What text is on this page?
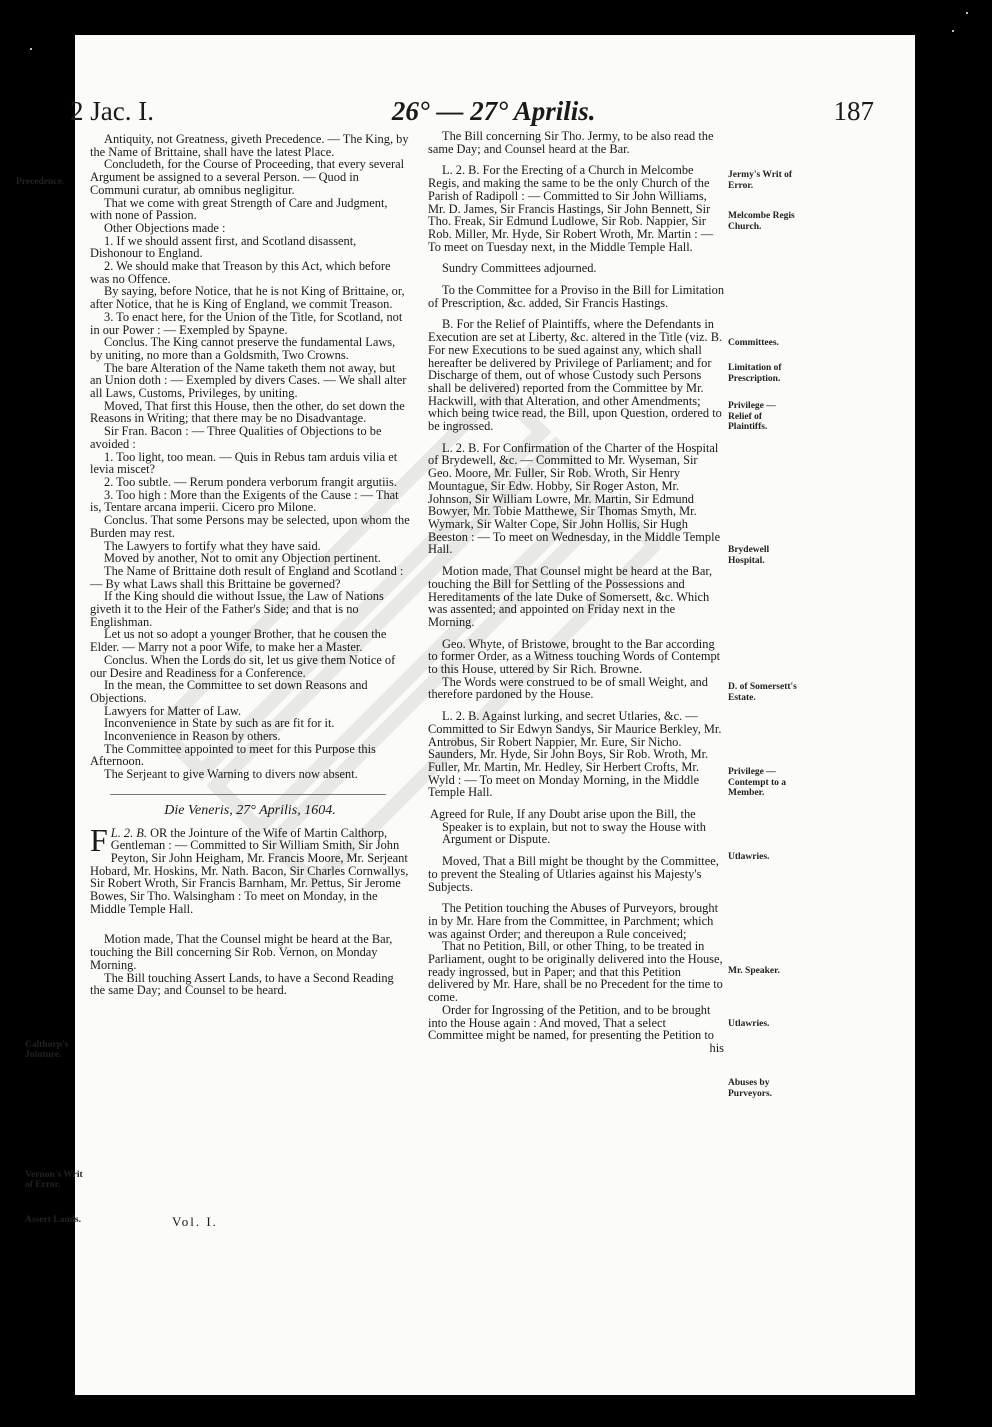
2 Jac. I.	26° — 27° Aprilis.	187
Precedence.
Calthorp's Jointure.
Vernon's Writ of Error.
Assert Lands.
Jermy's Writ of Error.
Melcombe Regis Church.
Committees.
Limitation of Prescription.
Privilege — Relief of Plaintiffs.
Brydewell Hospital.
D. of Somersett's Estate.
Privilege — Contempt to a Member.
Utlawries.
Mr. Speaker.
Utlawries.
Abuses by Purveyors.

Antiquity, not Greatness, giveth Precedence. — The King, by the Name of Brittaine, shall have the latest Place.

Concludeth, for the Course of Proceeding, that every several Argument be assigned to a several Person. — Quod in Communi curatur, ab omnibus negligitur.

That we come with great Strength of Care and Judgment, with none of Passion.

Other Objections made :

1. If we should assent first, and Scotland disassent, Dishonour to England.

2. We should make that Treason by this Act, which before was no Offence.

By saying, before Notice, that he is not King of Brittaine, or, after Notice, that he is King of England, we commit Treason.

3. To enact here, for the Union of the Title, for Scotland, not in our Power : — Exempled by Spayne.

Conclus. The King cannot preserve the fundamental Laws, by uniting, no more than a Goldsmith, Two Crowns.

The bare Alteration of the Name taketh them not away, but an Union doth : — Exempled by divers Cases. — We shall alter all Laws, Customs, Privileges, by uniting.

Moved, That first this House, then the other, do set down the Reasons in Writing; that there may be no Disadvantage.

Sir Fran. Bacon : — Three Qualities of Objections to be avoided :

1. Too light, too mean. — Quis in Rebus tam arduis vilia et levia miscet?

2. Too subtle. — Rerum pondera verborum frangit argutiis.

3. Too high : More than the Exigents of the Cause : — That is, Tentare arcana imperii. Cicero pro Milone.

Conclus. That some Persons may be selected, upon whom the Burden may rest.

The Lawyers to fortify what they have said.

Moved by another, Not to omit any Objection pertinent.

The Name of Brittaine doth result of England and Scotland : — By what Laws shall this Brittaine be governed?

If the King should die without Issue, the Law of Nations giveth it to the Heir of the Father's Side; and that is no Englishman.

Let us not so adopt a younger Brother, that he cousen the Elder. — Marry not a poor Wife, to make her a Master.

Conclus. When the Lords do sit, let us give them Notice of our Desire and Readiness for a Conference.

In the mean, the Committee to set down Reasons and Objections.

Lawyers for Matter of Law.

Inconvenience in State by such as are fit for it.

Inconvenience in Reason by others.

The Committee appointed to meet for this Purpose this Afternoon.

The Serjeant to give Warning to divers now absent.

Die Veneris, 27° Aprilis, 1604.

L. 2. B.
F	OR the Jointure of the Wife of Martin Calthorp, Gentleman : — Committed to Sir William Smith, Sir John Peyton, Sir John Heigham, Mr. Francis Moore, Mr. Serjeant Hobard, Mr. Hoskins, Mr. Nath. Bacon, Sir Charles Cornwallys, Sir Robert Wroth, Sir Francis Barnham, Mr. Pettus, Sir Jerome Bowes, Sir Tho. Walsingham : To meet on Monday, in the Middle Temple Hall.

Motion made, That the Counsel might be heard at the Bar, touching the Bill concerning Sir Rob. Vernon, on Monday Morning.

The Bill touching Assert Lands, to have a Second Reading the same Day; and Counsel to be heard.

The Bill concerning Sir Tho. Jermy, to be also read the same Day; and Counsel heard at the Bar.

L. 2. B. For the Erecting of a Church in Melcombe Regis, and making the same to be the only Church of the Parish of Radipoll : — Committed to Sir John Williams, Mr. D. James, Sir Francis Hastings, Sir John Bennett, Sir Tho. Freak, Sir Edmund Ludlowe, Sir Rob. Nappier, Sir Rob. Miller, Mr. Hyde, Sir Robert Wroth, Mr. Martin : — To meet on Tuesday next, in the Middle Temple Hall.

Sundry Committees adjourned.

To the Committee for a Proviso in the Bill for Limitation of Prescription, &c. added, Sir Francis Hastings.

B. For the Relief of Plaintiffs, where the Defendants in Execution are set at Liberty, &c. altered in the Title (viz. B. For new Executions to be sued against any, which shall hereafter be delivered by Privilege of Parliament; and for Discharge of them, out of whose Custody such Persons shall be delivered) reported from the Committee by Mr. Hackwill, with that Alteration, and other Amendments; which being twice read, the Bill, upon Question, ordered to be ingrossed.

L. 2. B. For Confirmation of the Charter of the Hospital of Brydewell, &c. — Committed to Mr. Wyseman, Sir Geo. Moore, Mr. Fuller, Sir Rob. Wroth, Sir Henry Mountague, Sir Edw. Hobby, Sir Roger Aston, Mr. Johnson, Sir William Lowre, Mr. Martin, Sir Edmund Bowyer, Mr. Tobie Matthewe, Sir Thomas Smyth, Mr. Wymark, Sir Walter Cope, Sir John Hollis, Sir Hugh Beeston : — To meet on Wednesday, in the Middle Temple Hall.

Motion made, That Counsel might be heard at the Bar, touching the Bill for Settling of the Possessions and Hereditaments of the late Duke of Somersett, &c. Which was assented; and appointed on Friday next in the Morning.

Geo. Whyte, of Bristowe, brought to the Bar according to former Order, as a Witness touching Words of Contempt to this House, uttered by Sir Rich. Browne.

The Words were construed to be of small Weight, and therefore pardoned by the House.

L. 2. B. Against lurking, and secret Utlaries, &c. — Committed to Sir Edwyn Sandys, Sir Maurice Berkley, Mr. Antrobus, Sir Robert Nappier, Mr. Eure, Sir Nicho. Saunders, Mr. Hyde, Sir John Boys, Sir Rob. Wroth, Mr. Fuller, Mr. Martin, Mr. Hedley, Sir Herbert Crofts, Mr. Wyld : — To meet on Monday Morning, in the Middle Temple Hall.

Agreed for Rule, If any Doubt arise upon the Bill, the Speaker is to explain, but not to sway the House with Argument or Dispute.

Moved, That a Bill might be thought by the Committee, to prevent the Stealing of Utlaries against his Majesty's Subjects.

The Petition touching the Abuses of Purveyors, brought in by Mr. Hare from the Committee, in Parchment; which was against Order; and thereupon a Rule conceived;

That no Petition, Bill, or other Thing, to be treated in Parliament, ought to be originally delivered into the House, ready ingrossed, but in Paper; and that this Petition delivered by Mr. Hare, shall be no Precedent for the time to come.

Order for Ingrossing of the Petition, and to be brought into the House again : And moved, That a select Committee might be named, for presenting the Petition to

his

Vol. I.
